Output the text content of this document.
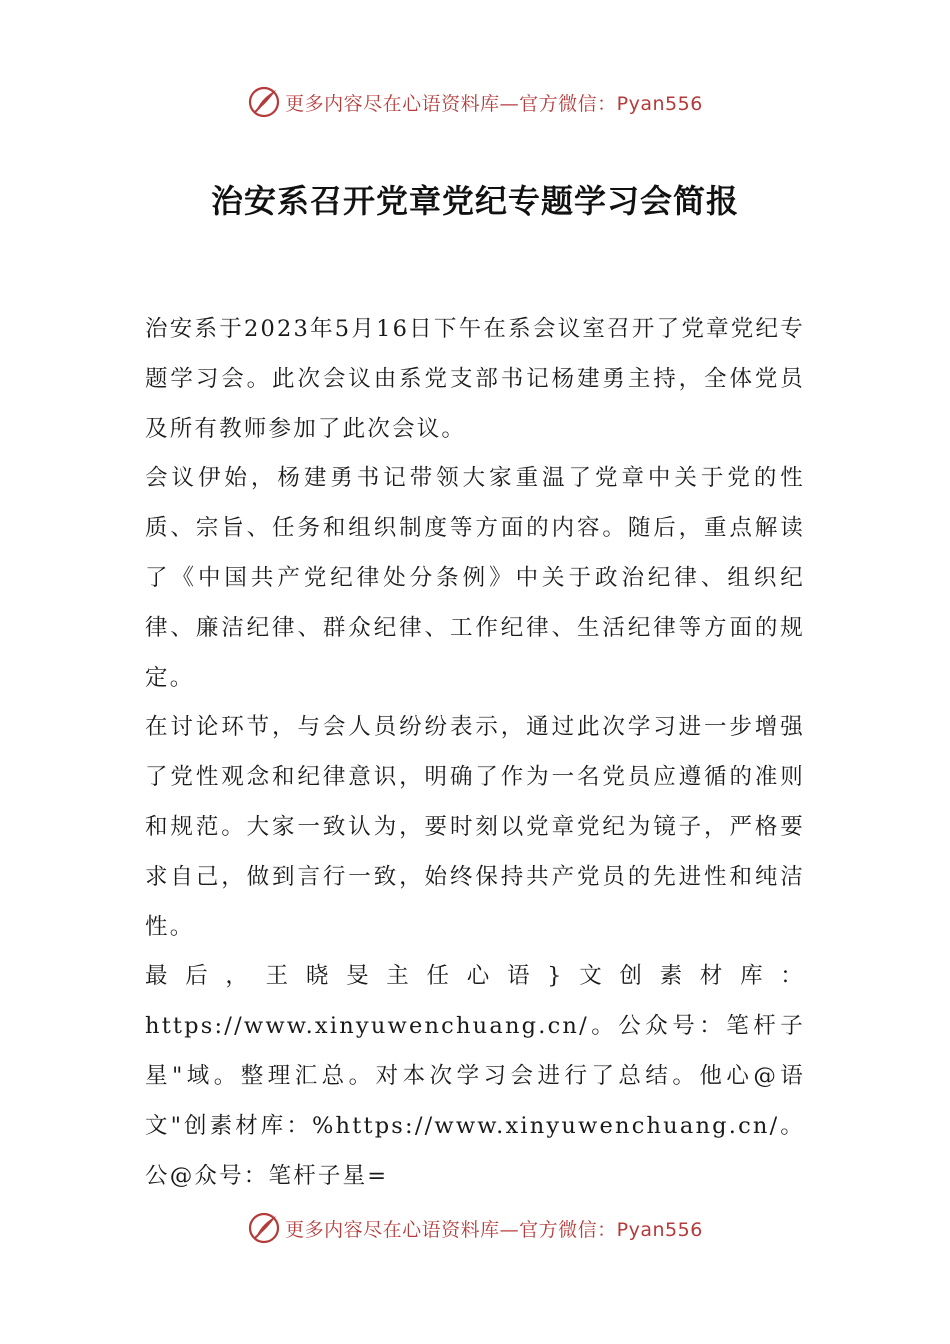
更多内容尽在心语资料库—官方微信：Pyan556
治安系召开党章党纪专题学习会简报

治安系于2023年5月16日下午在系会议室召开了党章党纪专题学习会。此次会议由系党支部书记杨建勇主持，全体党员及所有教师参加了此次会议。

会议伊始，杨建勇书记带领大家重温了党章中关于党的性质、宗旨、任务和组织制度等方面的内容。随后，重点解读了《中国共产党纪律处分条例》中关于政治纪律、组织纪律、廉洁纪律、群众纪律、工作纪律、生活纪律等方面的规定。

在讨论环节，与会人员纷纷表示，通过此次学习进一步增强了党性观念和纪律意识，明确了作为一名党员应遵循的准则和规范。大家一致认为，要时刻以党章党纪为镜子，严格要求自己，做到言行一致，始终保持共产党员的先进性和纯洁性。

最后，王晓旻主任心语}文创素材库：https://www.xinyuwenchuang.cn/。公众号：笔杆子星"域。整理汇总。对本次学习会进行了总结。他心@语文"创素材库：%https://www.xinyuwenchuang.cn/。公@众号：笔杆子星=

更多内容尽在心语资料库—官方微信：Pyan556
